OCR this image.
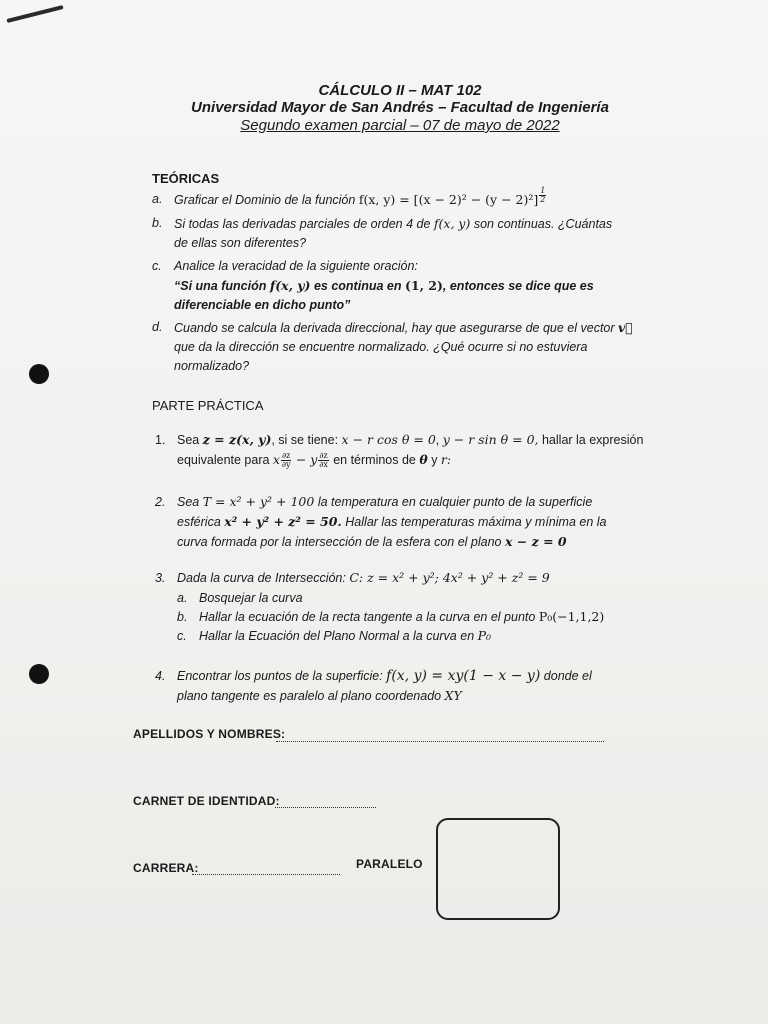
CÁLCULO II – MAT 102
Universidad Mayor de San Andrés – Facultad de Ingeniería
Segundo examen parcial – 07 de mayo de 2022
TEÓRICAS
a. Graficar el Dominio de la función f(x, $y) = [(x - 2)^2 - (y - 2)^2] \frac{1}{2}$
b. Si todas las derivadas parciales de orden 4 de f(x, y) son continuas. ¿Cuántas
de ellas son diferentes?
c. Analice la veracidad de la siguiente oración:
“Si una función f(x, y) es continua en (1, 2), entonces se dice que es
diferenciable en dicho punto”
d. Cuando se calcula la derivada direccional, hay que asegurarse de que el vector v⃗
que da la dirección se encuentre normalizado. ¿Qué ocurre si no estuviera
normalizado?
PARTE PRÁCTICA
1. Sea z = z(x, y), si se tiene: x − r cos θ = 0, y − r sin θ = 0, hallar la expresión
equivalente para x $\frac{\partial z}{\partial y} - y \frac{\partial z}{\partial x}$ en términos de θ y r:
2. Sea T = x² + y² + 100 la temperatura en cualquier punto de la superficie
esférica x² + y² + z² = 50. Hallar las temperaturas máxima y mínima en la
curva formada por la intersección de la esfera con el plano x − z = 0
3. Dada la curva de Intersección: C: z = x² + y²; 4x² + y² + z² = 9
a. Bosquejar la curva
b. Hallar la ecuación de la recta tangente a la curva en el punto P₀(−1,1,2)
c. Hallar la Ecuación del Plano Normal a la curva en P₀
4. Encontrar los puntos de la superficie: f(x, y) = xy(1 − x − y) donde el
plano tangente es paralelo al plano coordenado XY
APELLIDOS Y NOMBRES:
CARNET DE IDENTIDAD:
CARRERA:	PARALELO
